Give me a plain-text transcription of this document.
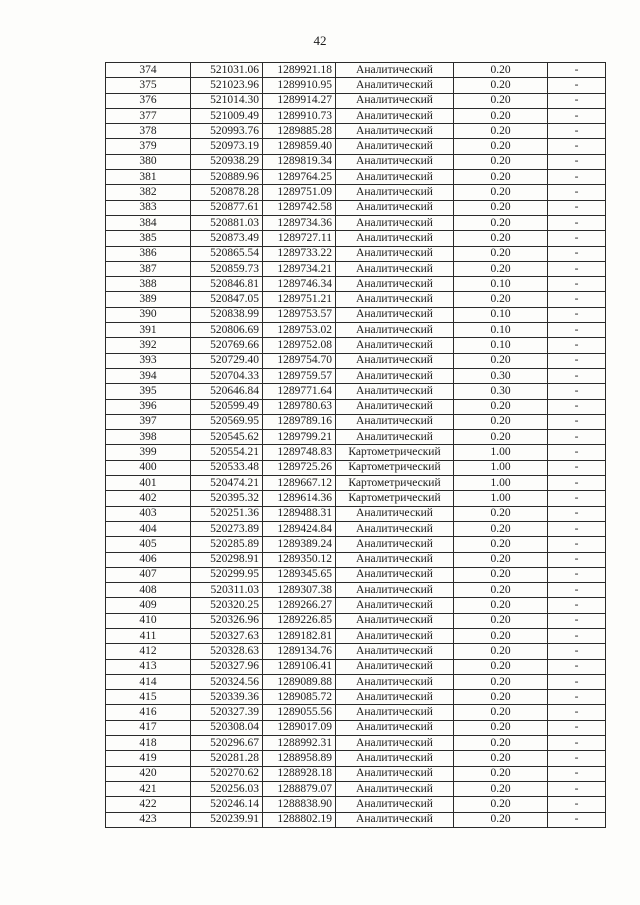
42
374	521031.06	1289921.18	Аналитический	0.20	-
375	521023.96	1289910.95	Аналитический	0.20	-
376	521014.30	1289914.27	Аналитический	0.20	-
377	521009.49	1289910.73	Аналитический	0.20	-
378	520993.76	1289885.28	Аналитический	0.20	-
379	520973.19	1289859.40	Аналитический	0.20	-
380	520938.29	1289819.34	Аналитический	0.20	-
381	520889.96	1289764.25	Аналитический	0.20	-
382	520878.28	1289751.09	Аналитический	0.20	-
383	520877.61	1289742.58	Аналитический	0.20	-
384	520881.03	1289734.36	Аналитический	0.20	-
385	520873.49	1289727.11	Аналитический	0.20	-
386	520865.54	1289733.22	Аналитический	0.20	-
387	520859.73	1289734.21	Аналитический	0.20	-
388	520846.81	1289746.34	Аналитический	0.10	-
389	520847.05	1289751.21	Аналитический	0.20	-
390	520838.99	1289753.57	Аналитический	0.10	-
391	520806.69	1289753.02	Аналитический	0.10	-
392	520769.66	1289752.08	Аналитический	0.10	-
393	520729.40	1289754.70	Аналитический	0.20	-
394	520704.33	1289759.57	Аналитический	0.30	-
395	520646.84	1289771.64	Аналитический	0.30	-
396	520599.49	1289780.63	Аналитический	0.20	-
397	520569.95	1289789.16	Аналитический	0.20	-
398	520545.62	1289799.21	Аналитический	0.20	-
399	520554.21	1289748.83	Картометрический	1.00	-
400	520533.48	1289725.26	Картометрический	1.00	-
401	520474.21	1289667.12	Картометрический	1.00	-
402	520395.32	1289614.36	Картометрический	1.00	-
403	520251.36	1289488.31	Аналитический	0.20	-
404	520273.89	1289424.84	Аналитический	0.20	-
405	520285.89	1289389.24	Аналитический	0.20	-
406	520298.91	1289350.12	Аналитический	0.20	-
407	520299.95	1289345.65	Аналитический	0.20	-
408	520311.03	1289307.38	Аналитический	0.20	-
409	520320.25	1289266.27	Аналитический	0.20	-
410	520326.96	1289226.85	Аналитический	0.20	-
411	520327.63	1289182.81	Аналитический	0.20	-
412	520328.63	1289134.76	Аналитический	0.20	-
413	520327.96	1289106.41	Аналитический	0.20	-
414	520324.56	1289089.88	Аналитический	0.20	-
415	520339.36	1289085.72	Аналитический	0.20	-
416	520327.39	1289055.56	Аналитический	0.20	-
417	520308.04	1289017.09	Аналитический	0.20	-
418	520296.67	1288992.31	Аналитический	0.20	-
419	520281.28	1288958.89	Аналитический	0.20	-
420	520270.62	1288928.18	Аналитический	0.20	-
421	520256.03	1288879.07	Аналитический	0.20	-
422	520246.14	1288838.90	Аналитический	0.20	-
423	520239.91	1288802.19	Аналитический	0.20	-
